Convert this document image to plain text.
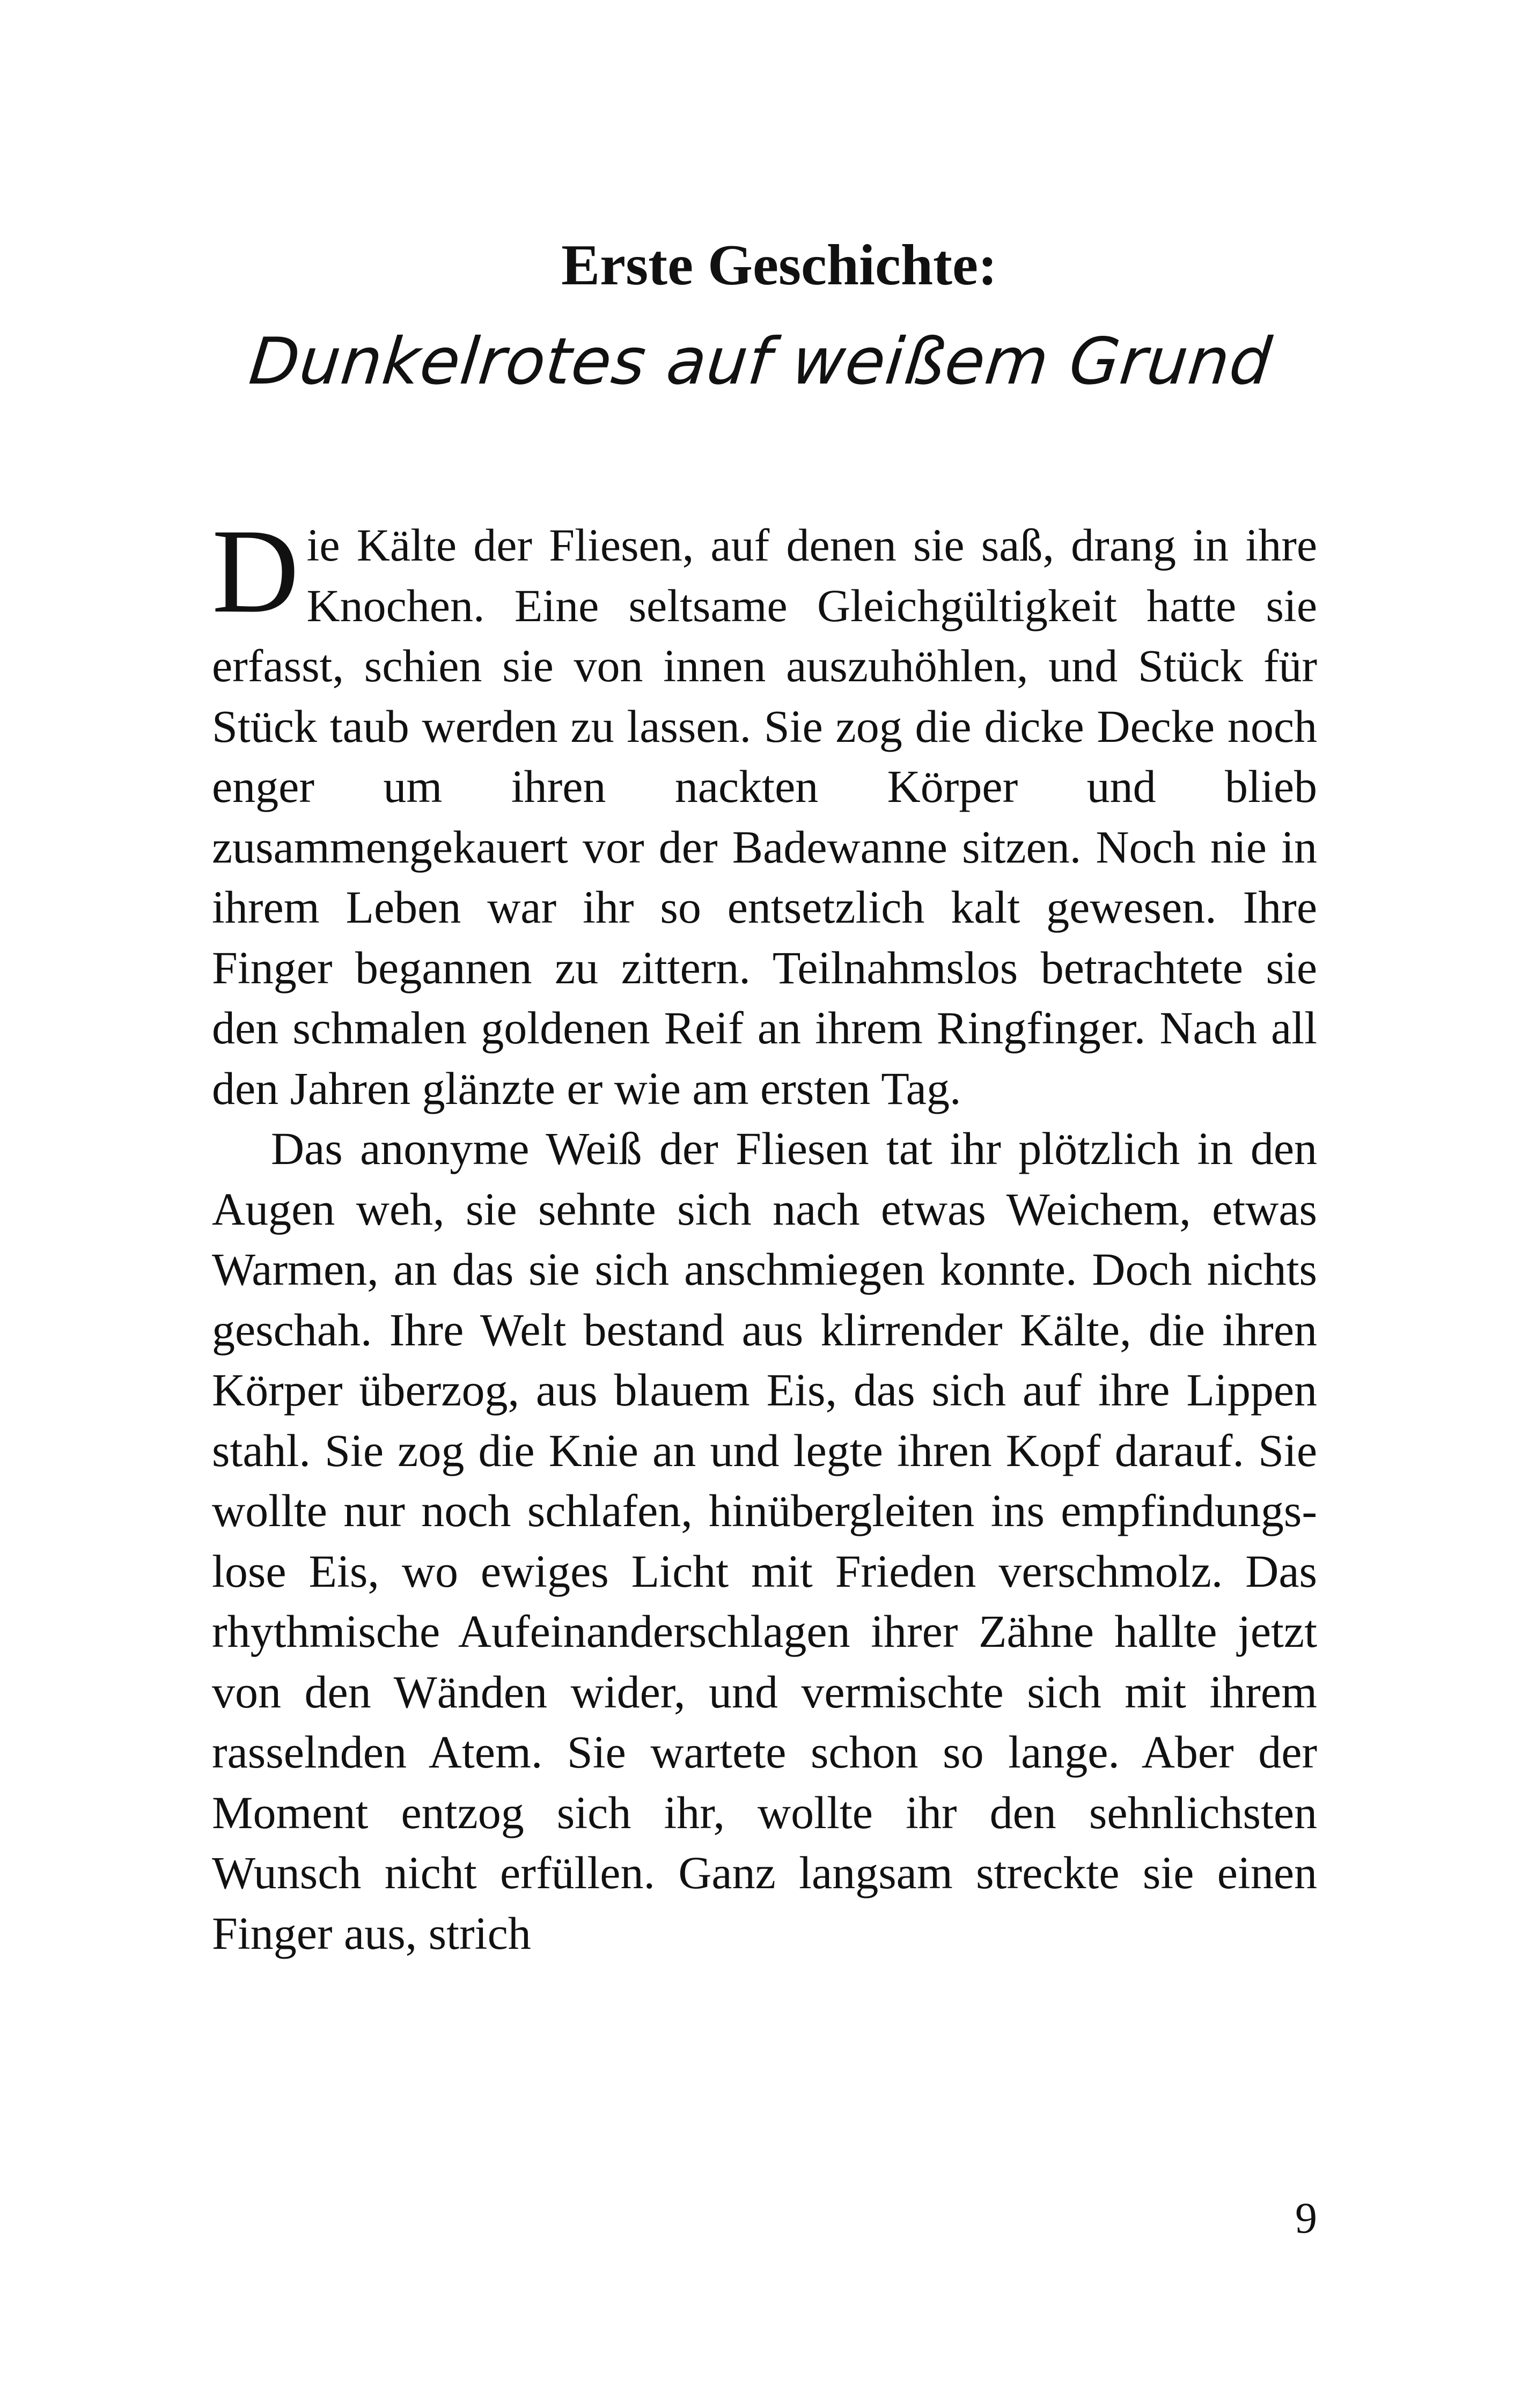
Erste Geschichte:
Dunkelrotes auf weißem Grund

Die Kälte der Fliesen, auf denen sie saß, drang in ihre Knochen. Eine seltsame Gleichgültigkeit hatte sie erfasst, schien sie von innen auszuhöhlen, und Stück für Stück taub werden zu lassen. Sie zog die dicke Decke noch enger um ihren nackten Körper und blieb zusammengekauert vor der Badewanne sitzen. Noch nie in ihrem Leben war ihr so entsetzlich kalt gewesen. Ihre Finger begannen zu zittern. Teilnahmslos betrachtete sie den schmalen goldenen Reif an ihrem Ringfinger. Nach all den Jahren glänzte er wie am ersten Tag.

Das anonyme Weiß der Fliesen tat ihr plötzlich in den Augen weh, sie sehnte sich nach etwas Weichem, etwas Warmen, an das sie sich anschmiegen konnte. Doch nichts geschah. Ihre Welt bestand aus klirrender Kälte, die ihren Körper überzog, aus blauem Eis, das sich auf ihre Lippen stahl. Sie zog die Knie an und legte ihren Kopf darauf. Sie wollte nur noch schlafen, hinübergleiten ins empfindungslose Eis, wo ewiges Licht mit Frieden verschmolz. Das rhythmische Aufeinanderschlagen ihrer Zähne hallte jetzt von den Wänden wider, und vermischte sich mit ihrem rasselnden Atem. Sie wartete schon so lange. Aber der Moment entzog sich ihr, wollte ihr den sehnlichsten Wunsch nicht erfüllen. Ganz langsam streckte sie einen Finger aus, strich

9
